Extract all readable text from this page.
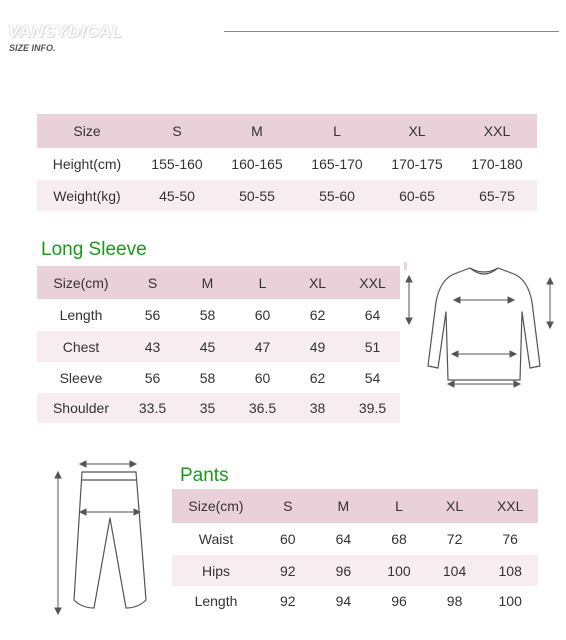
VANSYDICAL
SIZE INFO.
Size	S	M	L	XL	XXL
Height(cm)	155-160	160-165	165-170	170-175	170-180
Weight(kg)	45-50	50-55	55-60	60-65	65-75
Long Sleeve
Size(cm)	S	M	L	XL	XXL
Length	56	58	60	62	64
Chest	43	45	47	49	51
Sleeve	56	58	60	62	54
Shoulder	33.5	35	36.5	38	39.5
Pants
Size(cm)	S	M	L	XL	XXL
Waist	60	64	68	72	76
Hips	92	96	100	104	108
Length	92	94	96	98	100
